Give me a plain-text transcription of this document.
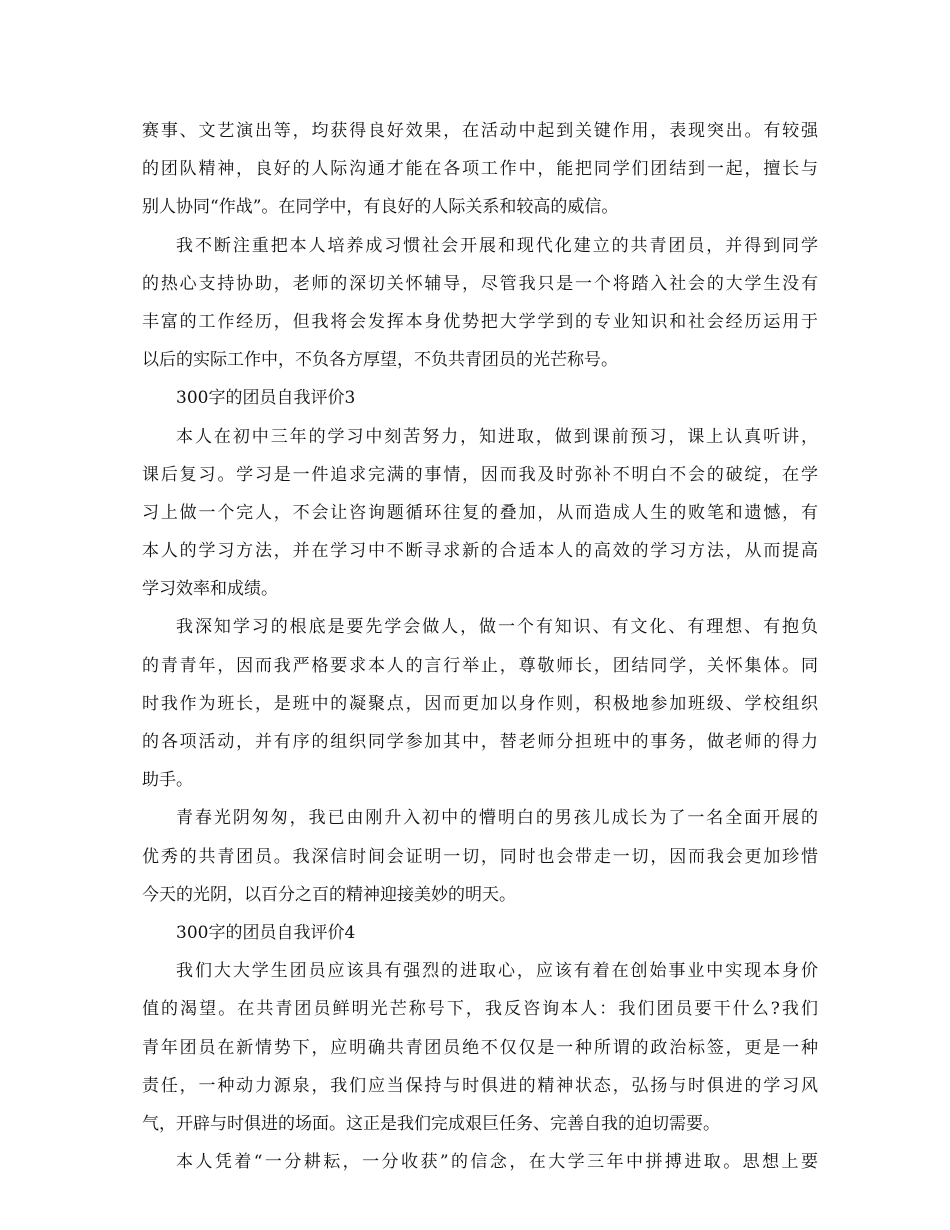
赛事、文艺演出等，均获得良好效果，在活动中起到关键作用，表现突出。有较强
的团队精神，良好的人际沟通才能在各项工作中，能把同学们团结到一起，擅长与
别人协同“作战”。在同学中，有良好的人际关系和较高的威信。
我不断注重把本人培养成习惯社会开展和现代化建立的共青团员，并得到同学
的热心支持协助，老师的深切关怀辅导，尽管我只是一个将踏入社会的大学生没有
丰富的工作经历，但我将会发挥本身优势把大学学到的专业知识和社会经历运用于
以后的实际工作中，不负各方厚望，不负共青团员的光芒称号。
300字的团员自我评价3
本人在初中三年的学习中刻苦努力，知进取，做到课前预习，课上认真听讲，
课后复习。学习是一件追求完满的事情，因而我及时弥补不明白不会的破绽，在学
习上做一个完人，不会让咨询题循环往复的叠加，从而造成人生的败笔和遗憾，有
本人的学习方法，并在学习中不断寻求新的合适本人的高效的学习方法，从而提高
学习效率和成绩。
我深知学习的根底是要先学会做人，做一个有知识、有文化、有理想、有抱负
的青青年，因而我严格要求本人的言行举止，尊敬师长，团结同学，关怀集体。同
时我作为班长，是班中的凝聚点，因而更加以身作则，积极地参加班级、学校组织
的各项活动，并有序的组织同学参加其中，替老师分担班中的事务，做老师的得力
助手。
青春光阴匆匆，我已由刚升入初中的懵明白的男孩儿成长为了一名全面开展的
优秀的共青团员。我深信时间会证明一切，同时也会带走一切，因而我会更加珍惜
今天的光阴，以百分之百的精神迎接美妙的明天。
300字的团员自我评价4
我们大大学生团员应该具有强烈的进取心，应该有着在创始事业中实现本身价
值的渴望。在共青团员鲜明光芒称号下，我反咨询本人：我们团员要干什么?我们
青年团员在新情势下，应明确共青团员绝不仅仅是一种所谓的政治标签，更是一种
责任，一种动力源泉，我们应当保持与时俱进的精神状态，弘扬与时俱进的学习风
气，开辟与时俱进的场面。这正是我们完成艰巨任务、完善自我的迫切需要。
本人凭着“一分耕耘，一分收获”的信念，在大学三年中拼搏进取。思想上要
